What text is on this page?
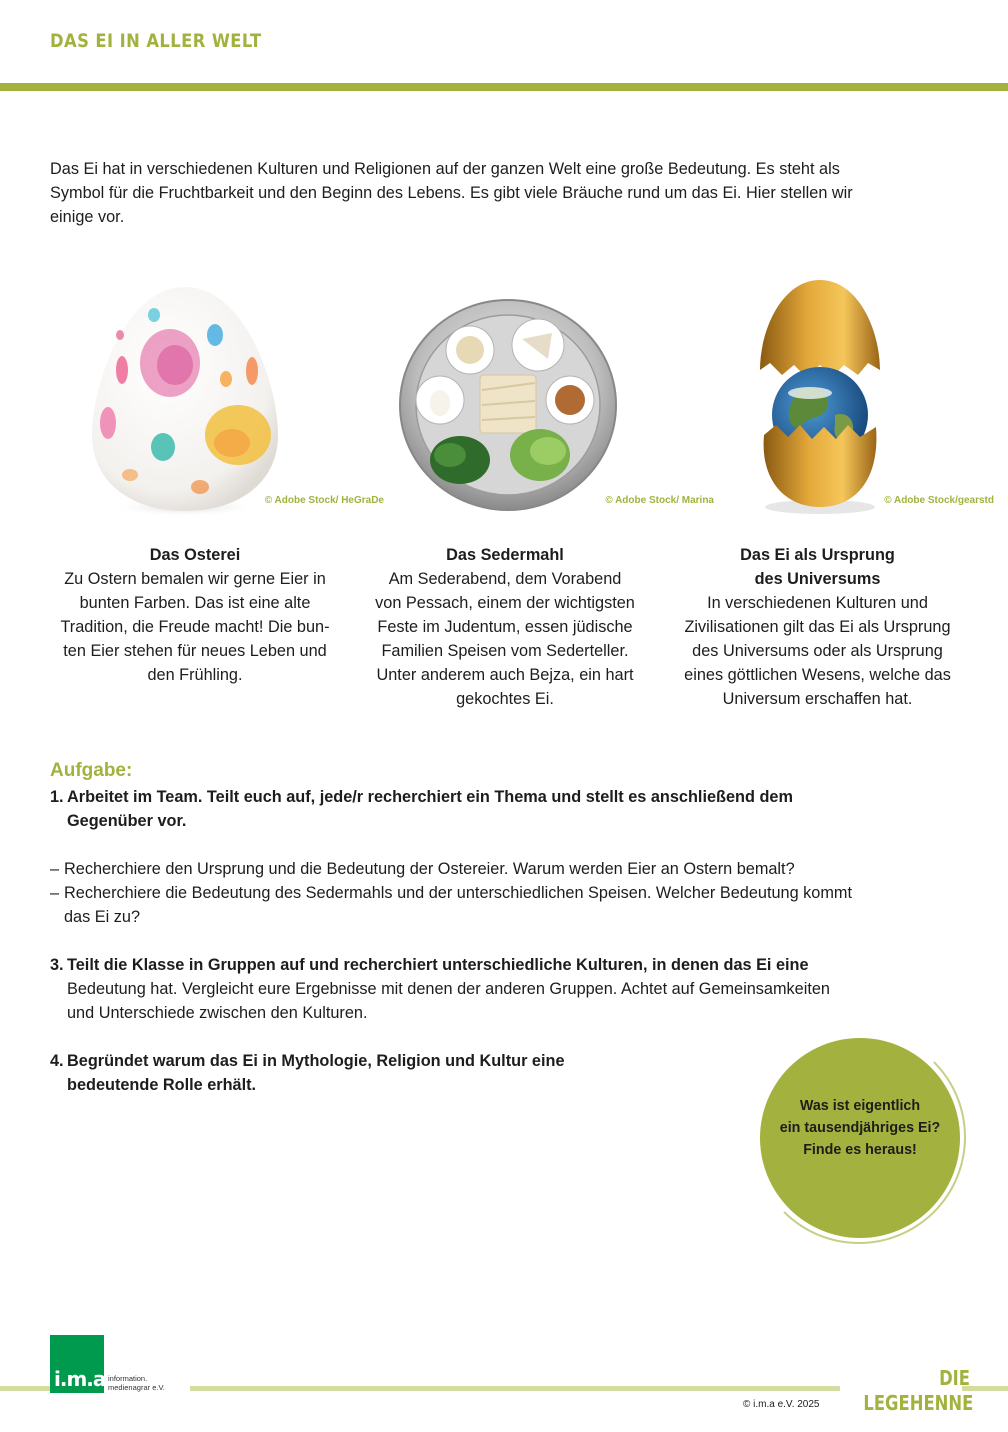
DAS EI IN ALLER WELT

Das Ei hat in verschiedenen Kulturen und Religionen auf der ganzen Welt eine große Bedeutung. Es steht als

Symbol für die Fruchtbarkeit und den Beginn des Lebens. Es gibt viele Bräuche rund um das Ei. Hier stellen wir

einige vor.

© Adobe Stock/ HeGraDe	© Adobe Stock/ Marina	© Adobe Stock/gearstd
Das Osterei

Zu Ostern bemalen wir gerne Eier in

bunten Farben. Das ist eine alte

Tradition, die Freude macht! Die bun-

ten Eier stehen für neues Leben und

den Frühling.

Das Sedermahl

Am Sederabend, dem Vorabend

von Pessach, einem der wichtigsten

Feste im Judentum, essen jüdische

Familien Speisen vom Sederteller.

Unter anderem auch Bejza, ein hart

gekochtes Ei.

Das Ei als Ursprung
des Universums

In verschiedenen Kulturen und

Zivilisationen gilt das Ei als Ursprung

des Universums oder als Ursprung

eines göttlichen Wesens, welche das

Universum erschaffen hat.

Aufgabe:
1. Arbeitet im Team. Teilt euch auf, jede/r recherchiert ein Thema und stellt es anschließend dem
Gegenüber vor.
– Recherchiere den Ursprung und die Bedeutung der Ostereier. Warum werden Eier an Ostern bemalt?
– Recherchiere die Bedeutung des Sedermahls und der unterschiedlichen Speisen. Welcher Bedeutung kommt
das Ei zu?
3. Teilt die Klasse in Gruppen auf und recherchiert unterschiedliche Kulturen, in denen das Ei eine
Bedeutung hat. Vergleicht eure Ergebnisse mit denen der anderen Gruppen. Achtet auf Gemeinsamkeiten
und Unterschiede zwischen den Kulturen.
4. Begründet warum das Ei in Mythologie, Religion und Kultur eine
bedeutende Rolle erhält.
Was ist eigentlich
ein tausendjähriges Ei?
Finde es heraus!
i.m.a information.
medienagrar e.V.
© i.m.a e.V. 2025
DIE
LEGEHENNE
